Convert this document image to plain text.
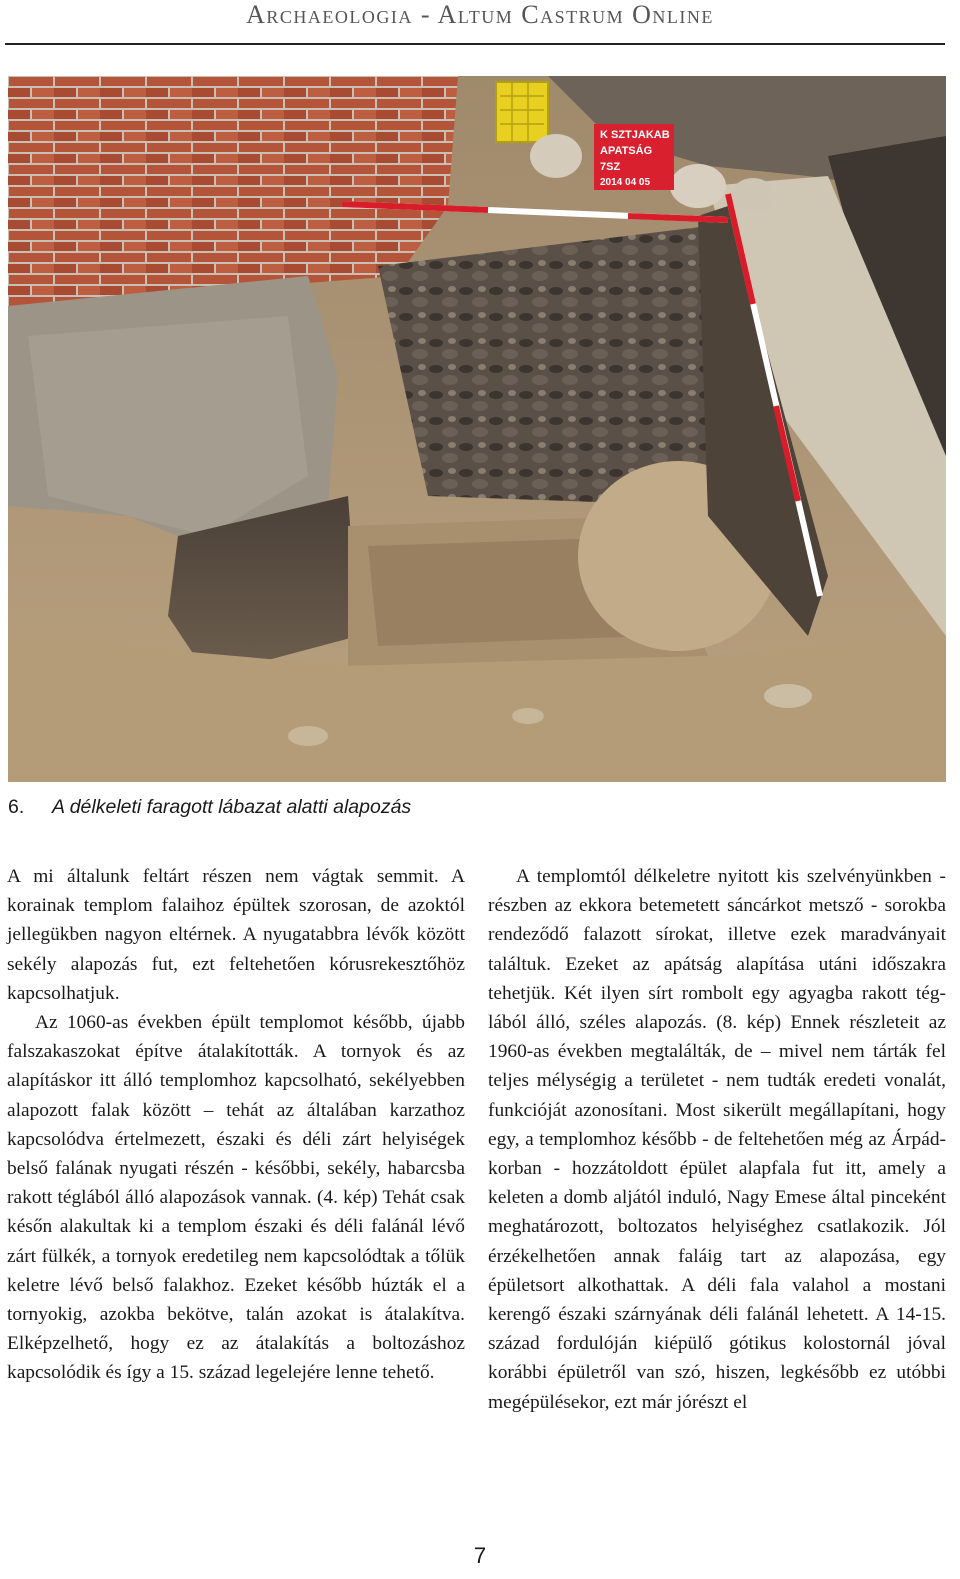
Archaeologia - Altum Castrum Online
K SZTJAKAB
APATSÁG
7SZ
2014 04 05
6. A délkeleti faragott lábazat alatti alapozás

A mi általunk feltárt részen nem vágtak semmit. A korainak templom falaihoz épültek szorosan, de azoktól jellegükben nagyon eltérnek. A nyugatabbra lévők között sekély alapozás fut, ezt feltehetően kórusrekesztőhöz kapcsolhatjuk.

Az 1060-as években épült templomot később, újabb falszakaszokat építve átalakították. A tornyok és az alapításkor itt álló templomhoz kapcsolható, sekélyebben alapozott falak között – tehát az általában karzathoz kapcsolódva értelmezett, északi és déli zárt helyiségek belső falának nyugati részén - későbbi, sekély, habarcsba rakott téglából álló alapozások vannak. (4. kép) Tehát csak későn alakultak ki a templom északi és déli falánál lévő zárt fülkék, a tornyok eredetileg nem kapcsolódtak a tőlük keletre lévő belső falakhoz. Ezeket később húzták el a tornyokig, azokba bekötve, talán azokat is átalakítva. Elképzelhető, hogy ez az átalakítás a boltozáshoz kapcsolódik és így a 15. század legelejére lenne tehető.

A templomtól délkeletre nyitott kis szelvényünkben - részben az ekkora betemetett sáncárkot metsző - sorokba rendeződő falazott sírokat, illetve ezek maradványait találtuk. Ezeket az apátság alapítása utáni időszakra tehetjük. Két ilyen sírt rombolt egy agyagba rakott téglából álló, széles alapozás. (8. kép) Ennek részleteit az 1960-as években megtalálták, de – mivel nem tárták fel teljes mélységig a területet - nem tudták eredeti vonalát, funkcióját azonosítani. Most sikerült megállapítani, hogy egy, a templomhoz később - de feltehetően még az Árpád-korban - hozzátoldott épület alapfala fut itt, amely a keleten a domb aljától induló, Nagy Emese által pinceként meghatározott, boltozatos helyiséghez csatlakozik. Jól érzékelhetően annak faláig tart az alapozása, egy épületsort alkothattak. A déli fala valahol a mostani kerengő északi szárnyának déli falánál lehetett. A 14-15. század fordulóján kiépülő gótikus kolostornál jóval korábbi épületről van szó, hiszen, legkésőbb ez utóbbi megépülésekor, ezt már jórészt el

7
